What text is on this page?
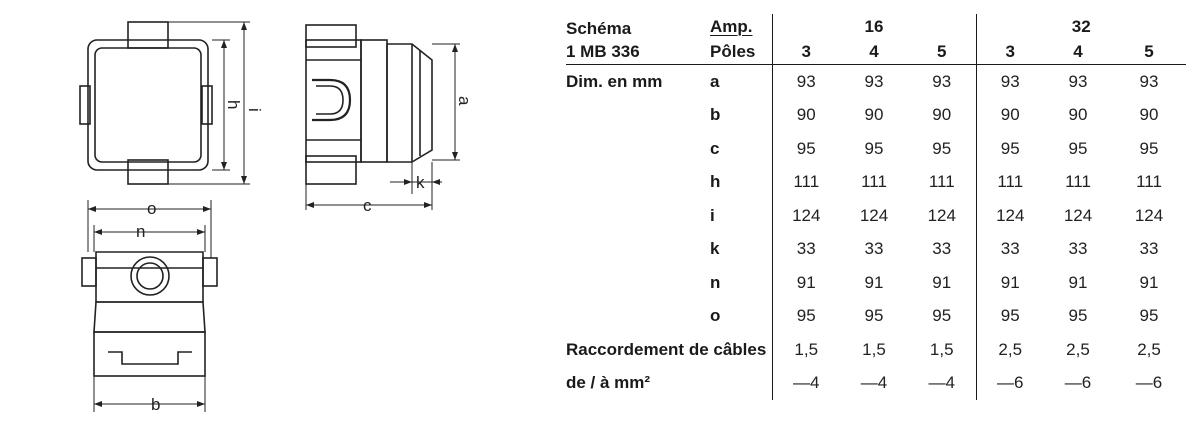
h
i
a
k
c
o
n
b
Schéma	Amp.	16			32		
1 MB 336	Pôles	3	4	5	3	4	5
Dim. en mm	a	93	93	93	93	93	93
	b	90	90	90	90	90	90
	c	95	95	95	95	95	95
	h	111	111	111	111	111	111
	i	124	124	124	124	124	124
	k	33	33	33	33	33	33
	n	91	91	91	91	91	91
	o	95	95	95	95	95	95
Raccordement de câbles		1,5	1,5	1,5	2,5	2,5	2,5
de / à mm²		—4	—4	—4	—6	—6	—6
